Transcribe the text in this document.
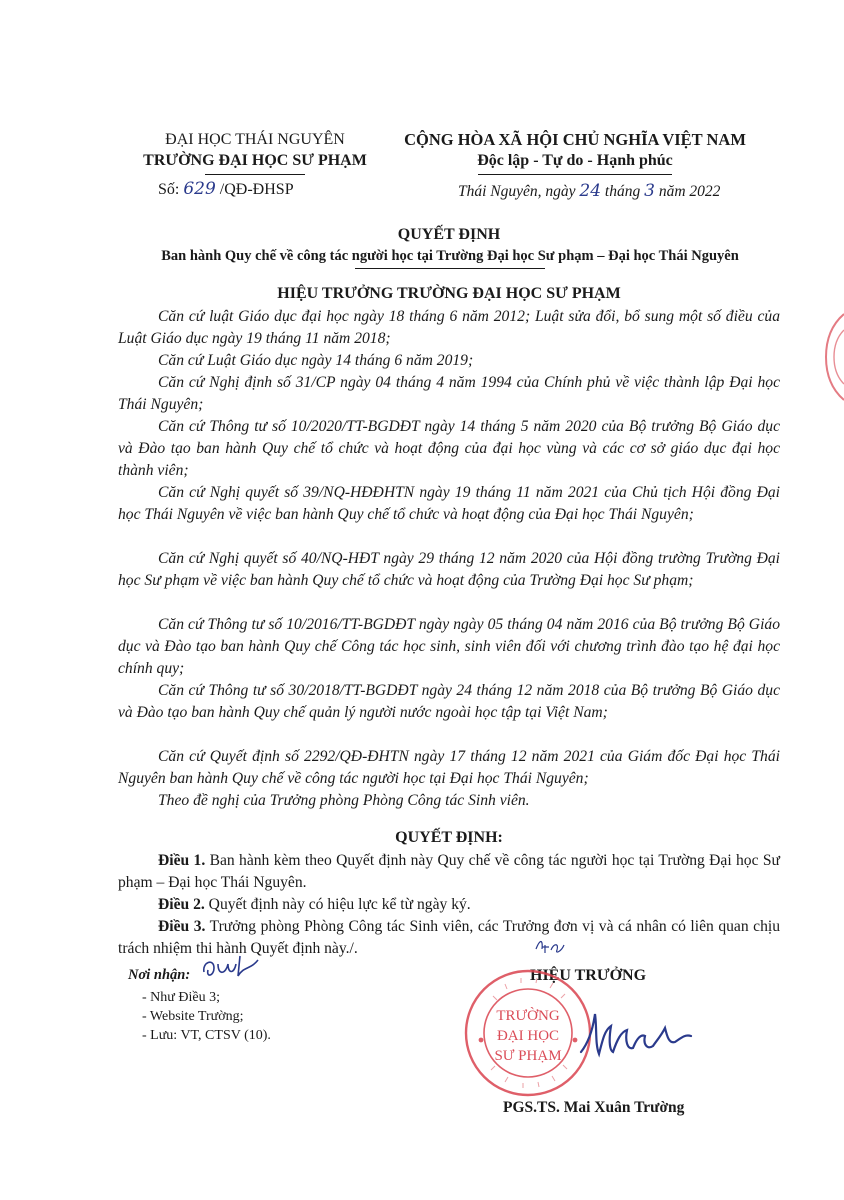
ĐẠI HỌC THÁI NGUYÊN
TRƯỜNG ĐẠI HỌC SƯ PHẠM
Số: 629 /QĐ-ĐHSP
CỘNG HÒA XÃ HỘI CHỦ NGHĨA VIỆT NAM
Độc lập - Tự do - Hạnh phúc
Thái Nguyên, ngày 24 tháng 3 năm 2022
QUYẾT ĐỊNH
Ban hành Quy chế về công tác người học tại Trường Đại học Sư phạm – Đại học Thái Nguyên
HIỆU TRƯỞNG TRƯỜNG ĐẠI HỌC SƯ PHẠM
Căn cứ luật Giáo dục đại học ngày 18 tháng 6 năm 2012; Luật sửa đổi, bổ sung một số điều của Luật Giáo dục ngày 19 tháng 11 năm 2018;
Căn cứ Luật Giáo dục ngày 14 tháng 6 năm 2019;
Căn cứ Nghị định số 31/CP ngày 04 tháng 4 năm 1994 của Chính phủ về việc thành lập Đại học Thái Nguyên;
Căn cứ Thông tư số 10/2020/TT-BGDĐT ngày 14 tháng 5 năm 2020 của Bộ trưởng Bộ Giáo dục và Đào tạo ban hành Quy chế tổ chức và hoạt động của đại học vùng và các cơ sở giáo dục đại học thành viên;
Căn cứ Nghị quyết số 39/NQ-HĐĐHTN ngày 19 tháng 11 năm 2021 của Chủ tịch Hội đồng Đại học Thái Nguyên về việc ban hành Quy chế tổ chức và hoạt động của Đại học Thái Nguyên;
Căn cứ Nghị quyết số 40/NQ-HĐT ngày 29 tháng 12 năm 2020 của Hội đồng trường Trường Đại học Sư phạm về việc ban hành Quy chế tổ chức và hoạt động của Trường Đại học Sư phạm;
Căn cứ Thông tư số 10/2016/TT-BGDĐT ngày ngày 05 tháng 04 năm 2016 của Bộ trưởng Bộ Giáo dục và Đào tạo ban hành Quy chế Công tác học sinh, sinh viên đối với chương trình đào tạo hệ đại học chính quy;
Căn cứ Thông tư số 30/2018/TT-BGDĐT ngày 24 tháng 12 năm 2018 của Bộ trưởng Bộ Giáo dục và Đào tạo ban hành Quy chế quản lý người nước ngoài học tập tại Việt Nam;
Căn cứ Quyết định số 2292/QĐ-ĐHTN ngày 17 tháng 12 năm 2021 của Giám đốc Đại học Thái Nguyên ban hành Quy chế về công tác người học tại Đại học Thái Nguyên;
Theo đề nghị của Trưởng phòng Phòng Công tác Sinh viên.
QUYẾT ĐỊNH:
Điều 1. Ban hành kèm theo Quyết định này Quy chế về công tác người học tại Trường Đại học Sư phạm – Đại học Thái Nguyên.
Điều 2. Quyết định này có hiệu lực kể từ ngày ký.
Điều 3. Trưởng phòng Phòng Công tác Sinh viên, các Trưởng đơn vị và cá nhân có liên quan chịu trách nhiệm thi hành Quyết định này./.
Nơi nhận:
- Như Điều 3;
- Website Trường;
- Lưu: VT, CTSV (10).
HIỆU TRƯỞNG
TRƯỜNG
ĐẠI HỌC
SƯ PHẠM
PGS.TS. Mai Xuân Trường
